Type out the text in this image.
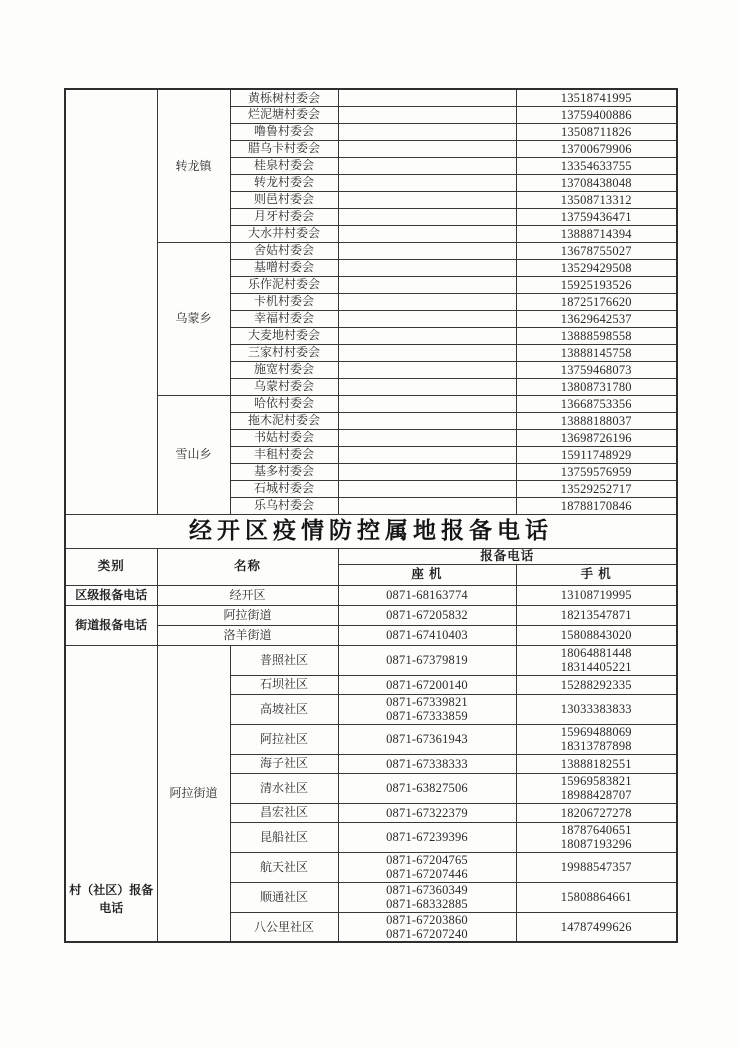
	转龙镇	黄栎树村委会		13518741995

		烂泥塘村委会		13759400886

		噜鲁村委会		13508711826

		腊乌卡村委会		13700679906

		桂泉村委会		13354633755

		转龙村委会		13708438048

		则邑村委会		13508713312

		月牙村委会		13759436471

		大水井村委会		13888714394

	乌蒙乡	舍姑村委会		13678755027

		基噌村委会		13529429508

		乐作泥村委会		15925193526

		卡机村委会		18725176620

		幸福村委会		13629642537

		大麦地村委会		13888598558

		三家村村委会		13888145758

		施宽村委会		13759468073

		乌蒙村委会		13808731780

	雪山乡	哈依村委会		13668753356

		拖木泥村委会		13888188037

		书姑村委会		13698726196

		丰租村委会		15911748929

		基多村委会		13759576959

		石城村委会		13529252717

		乐乌村委会		18788170846

经开区疫情防控属地报备电话				
类别	名称		报备电话	
			座 机	手 机
区级报备电话	经开区		0871-68163774	13108719995

街道报备电话	阿拉街道		0871-67205832	18213547871

	洛羊街道		0871-67410403	15808843020

村（社区）报备电话	阿拉街道	普照社区	0871-67379819	18064881448
18314405221

		石坝社区	0871-67200140	15288292335

		高坡社区	0871-67339821
0871-67333859	13033383833

		阿拉社区	0871-67361943	15969488069
18313787898

		海子社区	0871-67338333	13888182551

		清水社区	0871-63827506	15969583821
18988428707

		昌宏社区	0871-67322379	18206727278

		昆船社区	0871-67239396	18787640651
18087193296

		航天社区	0871-67204765
0871-67207446	19988547357

		顺通社区	0871-67360349
0871-68332885	15808864661

		八公里社区	0871-67203860
0871-67207240	14787499626
